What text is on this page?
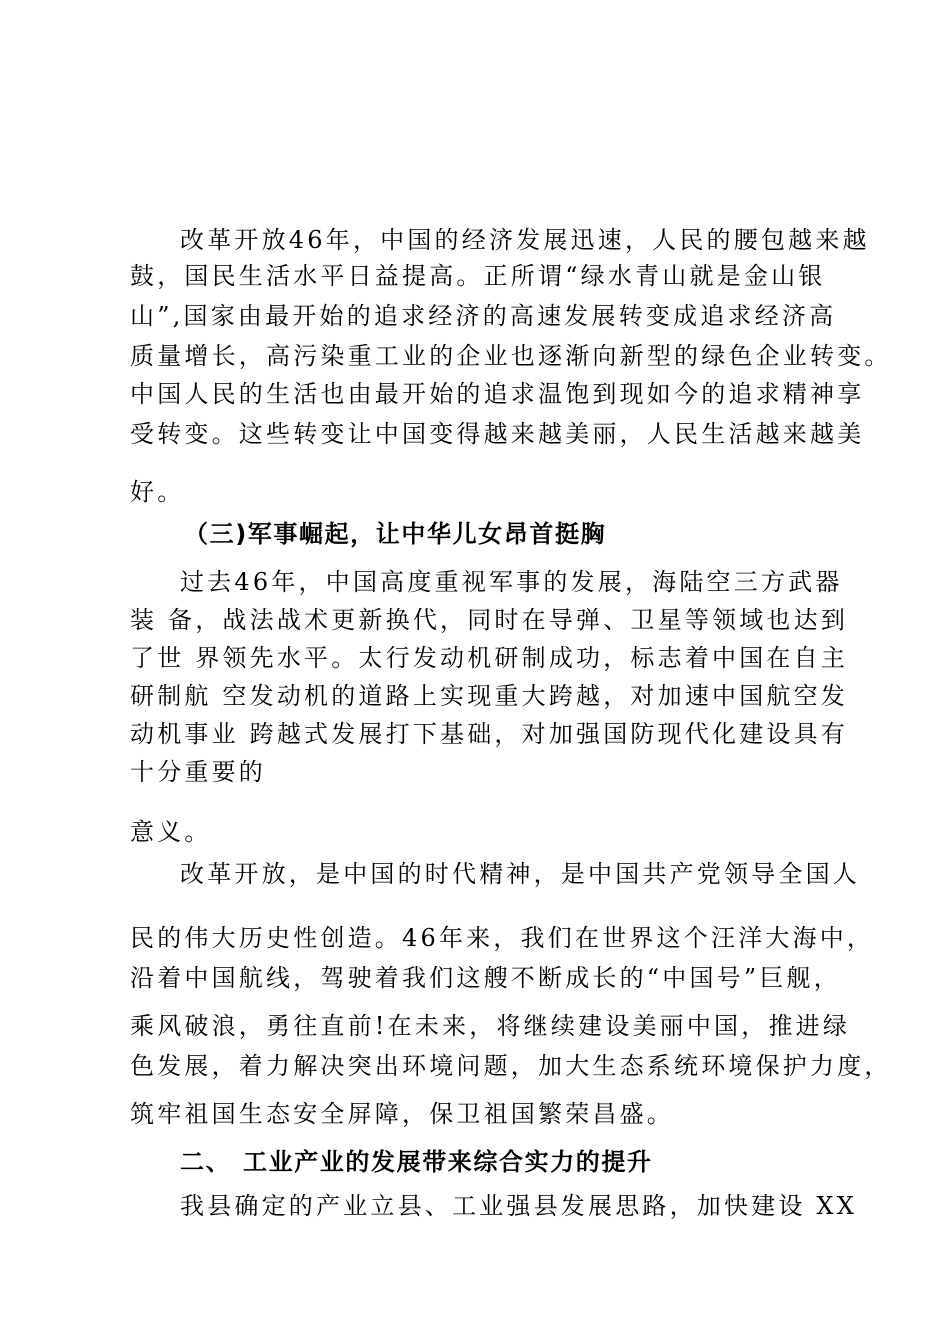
改革开放46年，中国的经济发展迅速，人民的腰包越来越
鼓，国民生活水平日益提高。正所谓“绿水青山就是金山银
山”,国家由最开始的追求经济的高速发展转变成追求经济高
质量增长，高污染重工业的企业也逐渐向新型的绿色企业转变。
中国人民的生活也由最开始的追求温饱到现如今的追求精神享
受转变。这些转变让中国变得越来越美丽，人民生活越来越美
好。
（三)军事崛起，让中华儿女昂首挺胸
过去46年，中国高度重视军事的发展，海陆空三方武器
装 备，战法战术更新换代，同时在导弹、卫星等领域也达到
了世 界领先水平。太行发动机研制成功，标志着中国在自主
研制航 空发动机的道路上实现重大跨越，对加速中国航空发
动机事业 跨越式发展打下基础，对加强国防现代化建设具有
十分重要的
意义。
改革开放，是中国的时代精神，是中国共产党领导全国人
民的伟大历史性创造。46年来，我们在世界这个汪洋大海中，
沿着中国航线，驾驶着我们这艘不断成长的“中国号”巨舰，
乘风破浪，勇往直前!在未来，将继续建设美丽中国，推进绿
色发展，着力解决突出环境问题，加大生态系统环境保护力度，
筑牢祖国生态安全屏障，保卫祖国繁荣昌盛。
二、 工业产业的发展带来综合实力的提升
我县确定的产业立县、工业强县发展思路，加快建设 XX
